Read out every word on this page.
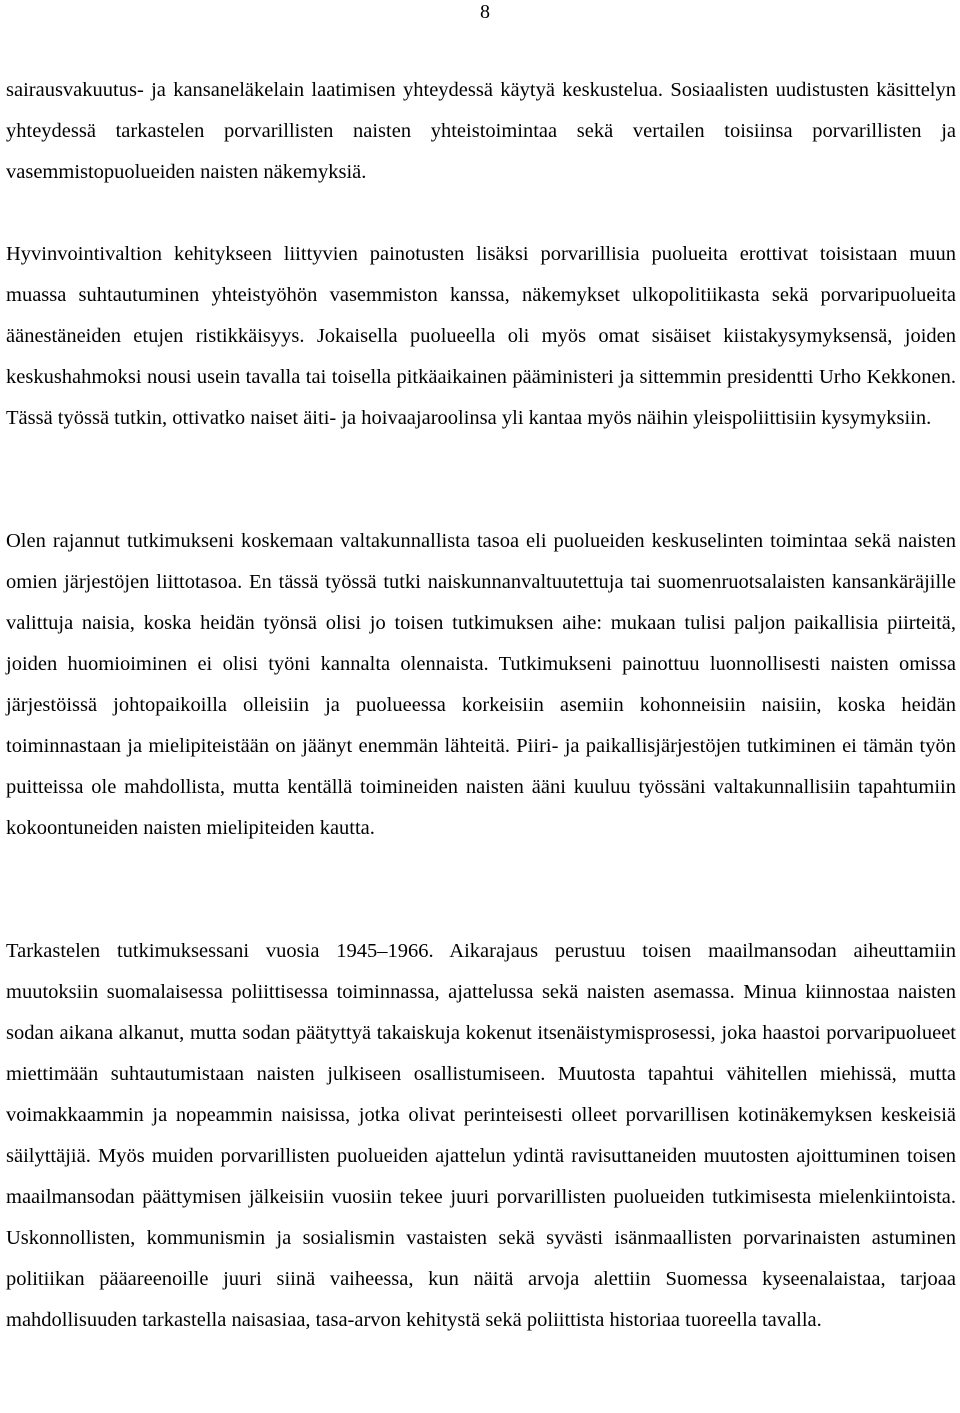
8

sairausvakuutus- ja kansaneläkelain laatimisen yhteydessä käytyä keskustelua. Sosiaalisten uudistusten käsittelyn yhteydessä tarkastelen porvarillisten naisten yhteistoimintaa sekä vertailen toisiinsa porvarillisten ja vasemmistopuolueiden naisten näkemyksiä.

Hyvinvointivaltion kehitykseen liittyvien painotusten lisäksi porvarillisia puolueita erottivat toisistaan muun muassa suhtautuminen yhteistyöhön vasemmiston kanssa, näkemykset ulkopolitiikasta sekä porvaripuolueita äänestäneiden etujen ristikkäisyys. Jokaisella puolueella oli myös omat sisäiset kiistakysymyksensä, joiden keskushahmoksi nousi usein tavalla tai toisella pitkäaikainen pääministeri ja sittemmin presidentti Urho Kekkonen. Tässä työssä tutkin, ottivatko naiset äiti- ja hoivaajaroolinsa yli kantaa myös näihin yleispoliittisiin kysymyksiin.

Olen rajannut tutkimukseni koskemaan valtakunnallista tasoa eli puolueiden keskuselinten toimintaa sekä naisten omien järjestöjen liittotasoa. En tässä työssä tutki naiskunnanvaltuutettuja tai suomenruotsalaisten kansankäräjille valittuja naisia, koska heidän työnsä olisi jo toisen tutkimuksen aihe: mukaan tulisi paljon paikallisia piirteitä, joiden huomioiminen ei olisi työni kannalta olennaista. Tutkimukseni painottuu luonnollisesti naisten omissa järjestöissä johtopaikoilla olleisiin ja puolueessa korkeisiin asemiin kohonneisiin naisiin, koska heidän toiminnastaan ja mielipiteistään on jäänyt enemmän lähteitä. Piiri- ja paikallisjärjestöjen tutkiminen ei tämän työn puitteissa ole mahdollista, mutta kentällä toimineiden naisten ääni kuuluu työssäni valtakunnallisiin tapahtumiin kokoontuneiden naisten mielipiteiden kautta.

Tarkastelen tutkimuksessani vuosia 1945–1966. Aikarajaus perustuu toisen maailmansodan aiheuttamiin muutoksiin suomalaisessa poliittisessa toiminnassa, ajattelussa sekä naisten asemassa. Minua kiinnostaa naisten sodan aikana alkanut, mutta sodan päätyttyä takaiskuja kokenut itsenäistymisprosessi, joka haastoi porvaripuolueet miettimään suhtautumistaan naisten julkiseen osallistumiseen. Muutosta tapahtui vähitellen miehissä, mutta voimakkaammin ja nopeammin naisissa, jotka olivat perinteisesti olleet porvarillisen kotinäkemyksen keskeisiä säilyttäjiä. Myös muiden porvarillisten puolueiden ajattelun ydintä ravisuttaneiden muutosten ajoittuminen toisen maailmansodan päättymisen jälkeisiin vuosiin tekee juuri porvarillisten puolueiden tutkimisesta mielenkiintoista. Uskonnollisten, kommunismin ja sosialismin vastaisten sekä syvästi isänmaallisten porvarinaisten astuminen politiikan pääareenoille juuri siinä vaiheessa, kun näitä arvoja alettiin Suomessa kyseenalaistaa, tarjoaa mahdollisuuden tarkastella naisasiaa, tasa-arvon kehitystä sekä poliittista historiaa tuoreella tavalla.
